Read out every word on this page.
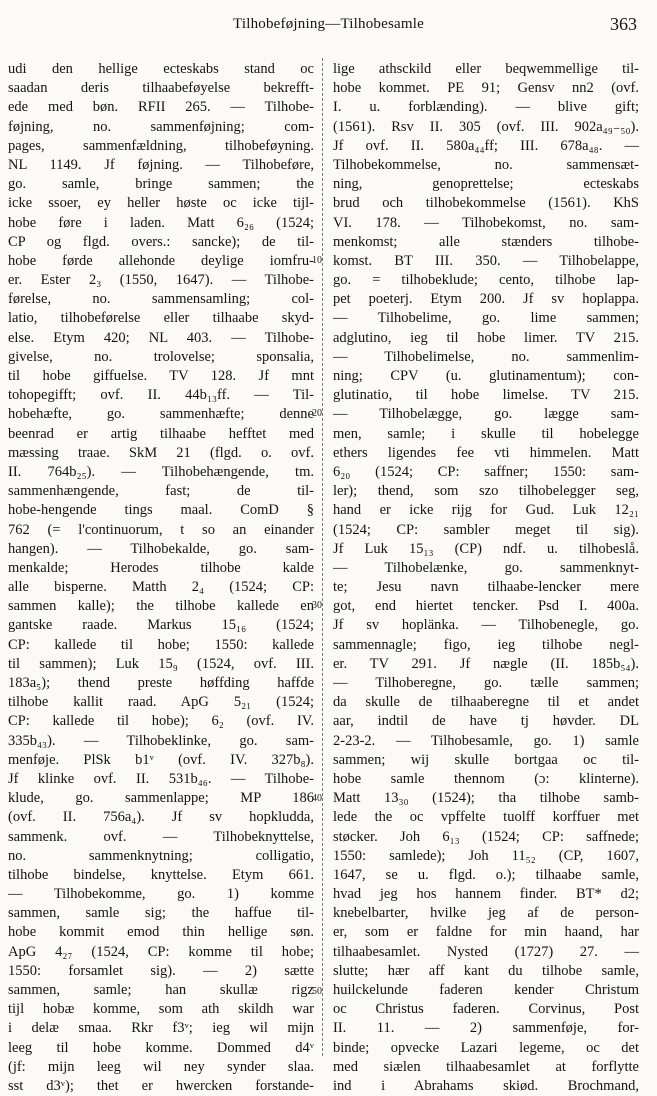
Tilhobeføjning—Tilhobesamle	363
udi den hellige ecteskabs stand oc
saadan deris tilhaabeføyelse bekrefft-
ede med bøn. RFII 265. — Tilhobe-
føjning, no. sammenføjning; com-
pages, sammenfældning, tilhobeføyning.
NL 1149. Jf føjning. — Tilhobeføre,
go. samle, bringe sammen; the
icke ssoer, ey heller høste oc icke tijl-
hobe føre i laden. Matt 6₂₆ (1524;
CP og flgd. overs.: sancke); de til-
hobe førde allehonde deylige iomfru-
er. Ester 2₃ (1550, 1647). — Tilhobe-
førelse, no. sammensamling; col-
latio, tilhobeførelse eller tilhaabe skyd-
else. Etym 420; NL 403. — Tilhobe-
givelse, no. trolovelse; sponsalia,
til hobe giffuelse. TV 128. Jf mnt
tohopegifft; ovf. II. 44b₁₃ff. — Til-
hobehæfte, go. sammenhæfte; denne
beenrad er artig tilhaabe hefftet med
mæssing traae. SkM 21 (flgd. o. ovf.
II. 764b₂₅). — Tilhobehængende, tm.
sammenhængende, fast; de til-
hobe-hengende tings maal. ComD §
762 (= l'continuorum, t so an einander
hangen). — Tilhobekalde, go. sam-
menkalde; Herodes tilhobe kalde
alle bisperne. Matth 2₄ (1524; CP:
sammen kalle); the tilhobe kallede en
gantske raade. Markus 15₁₆ (1524;
CP: kallede til hobe; 1550: kallede
til sammen); Luk 15₉ (1524, ovf. III.
183a₅); thend preste høffding haffde
tilhobe kallit raad. ApG 5₂₁ (1524;
CP: kallede til hobe); 6₂ (ovf. IV.
335b₄₃). — Tilhobeklinke, go. sam-
menføje. PlSk b1ᵛ (ovf. IV. 327b₈).
Jf klinke ovf. II. 531b₄₆. — Tilhobe-
klude, go. sammenlappe; MP 186
(ovf. II. 756a₄). Jf sv hopkludda,
sammenk. ovf. — Tilhobeknyttelse,
no. sammenknytning; colligatio,
tilhobe bindelse, knyttelse. Etym 661.
— Tilhobekomme, go. 1) komme
sammen, samle sig; the haffue til-
hobe kommit emod thin hellige søn.
ApG 4₂₇ (1524, CP: komme til hobe;
1550: forsamlet sig). — 2) sætte
sammen, samle; han skullæ rigz
tijl hobæ komme, som ath skildh war
i delæ smaa. Rkr f3ᵛ; ieg wil mijn
leeg til hobe komme. Dommed d4ᵛ
(jf: mijn leeg wil ney synder slaa.
sst d3ᵛ); thet er hwercken forstande-
lige athsckild eller beqwemmellige til-
hobe kommet. PE 91; Gensv nn2 (ovf.
I. u. forblænding). — blive gift;
(1561). Rsv II. 305 (ovf. III. 902a₄₉₋₅₀).
Jf ovf. II. 580a₄₄ff; III. 678a₄₈. —
Tilhobekommelse, no. sammensæt-
ning, genoprettelse; ecteskabs
brud och tilhobekommelse (1561). KhS
VI. 178. — Tilhobekomst, no. sam-
menkomst; alle stænders tilhobe-
komst. BT III. 350. — Tilhobelappe,
go. = tilhobeklude; cento, tilhobe lap-
pet poeterj. Etym 200. Jf sv hoplappa.
— Tilhobelime, go. lime sammen;
adglutino, ieg til hobe limer. TV 215.
— Tilhobelimelse, no. sammenlim-
ning; CPV (u. glutinamentum); con-
glutinatio, til hobe limelse. TV 215.
— Tilhobelægge, go. lægge sam-
men, samle; i skulle til hobelegge
ethers ligendes fee vti himmelen. Matt
6₂₀ (1524; CP: saffner; 1550: sam-
ler); thend, som szo tilhobelegger seg,
hand er icke rijg for Gud. Luk 12₂₁
(1524; CP: sambler meget til sig).
Jf Luk 15₁₃ (CP) ndf. u. tilhobeslå.
— Tilhobelænke, go. sammenknyt-
te; Jesu navn tilhaabe-lencker mere
got, end hiertet tencker. Psd I. 400a.
Jf sv hoplänka. — Tilhobenegle, go.
sammennagle; figo, ieg tilhobe negl-
er. TV 291. Jf nægle (II. 185b₅₄).
— Tilhoberegne, go. tælle sammen;
da skulle de tilhaaberegne til et andet
aar, indtil de have tj høvder. DL
2-23-2. — Tilhobesamle, go. 1) samle
sammen; wij skulle bortgaa oc til-
hobe samle thennom (ɔ: klinterne).
Matt 13₃₀ (1524); tha tilhobe samb-
lede the oc vpffelte tuolff korffuer met
støcker. Joh 6₁₃ (1524; CP: saffnede;
1550: samlede); Joh 11₅₂ (CP, 1607,
1647, se u. flgd. o.); tilhaabe samle,
hvad jeg hos hannem finder. BT* d2;
knebelbarter, hvilke jeg af de person-
er, som er faldne for min haand, har
tilhaabesamlet. Nysted (1727) 27. —
slutte; hær aff kant du tilhobe samle,
huilckelunde faderen kender Christum
oc Christus faderen. Corvinus, Post
II. 11. — 2) sammenføje, for-
binde; opvecke Lazari legeme, oc det
med siælen tilhaabesamlet at forflytte
ind i Abrahams skiød. Brochmand,
10
20
30
40
50
